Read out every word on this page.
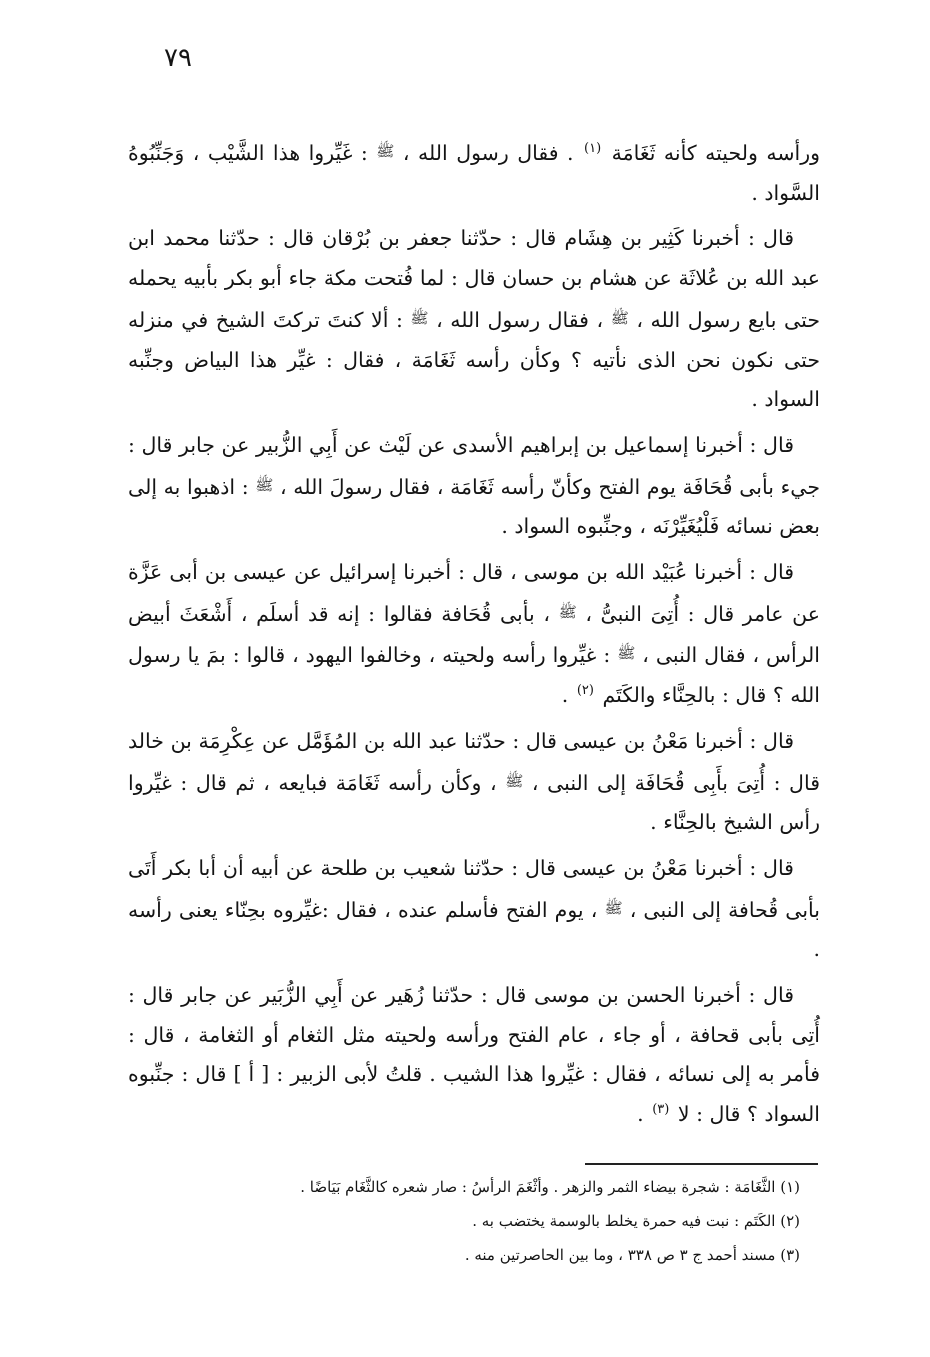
٧٩

ورأسه ولحيته كأنه ثَغَامَة $^{(١)}$ . فقال رسول الله ، ﷺ : غَيِّروا هذا الشَّيْب ، وَجَنِّبُوهُ السَّواد .

قال : أخبرنا كَثِير بن هِشَام قال : حدّثنا جعفر بن بُرْقان قال : حدّثنا محمد ابن عبد الله بن عُلاثَة عن هشام بن حسان قال : لما فُتحت مكة جاء أبو بكر بأبيه يحمله حتى بايع رسول الله ، ﷺ ، فقال رسول الله ، ﷺ : ألا كنتَ تركتَ الشيخ في منزله حتى نكون نحن الذى نأتيه ؟ وكأن رأسه ثَغَامَة ، فقال : غيِّر هذا البياض وجنِّبه السواد .

قال : أخبرنا إسماعيل بن إبراهيم الأسدى عن لَيْث عن أَبِي الزُّبير عن جابر قال : جيء بأبى قُحَافَة يوم الفتح وكأنّ رأسه ثَغَامَة ، فقال رسولَ الله ، ﷺ : اذهبوا به إلى بعض نسائه فَلْيُغَيِّرْنَه ، وجنِّبوه السواد .

قال : أخبرنا عُبَيْد الله بن موسى ، قال : أخبرنا إسرائيل عن عيسى بن أبى عَزَّة عن عامر قال : أُتِىَ النبىُّ ، ﷺ ، بأبى قُحَافة فقالوا : إنه قد أسلَم ، أَشْعَثَ أبيض الرأس ، فقال النبى ، ﷺ : غيِّروا رأسه ولحيته ، وخالفوا اليهود ، قالوا : بمَ يا رسول الله ؟ قال : بالحِنَّاء والكَتَم $^{(٢)}$ .

قال : أخبرنا مَعْنُ بن عيسى قال : حدّثنا عبد الله بن المُؤَمَّل عن عِكْرِمَة بن خالد قال : أُتِىَ بأَبِى قُحَافَة إلى النبى ، ﷺ ، وكأن رأسه ثَغَامَة فبايعه ، ثم قال : غيِّروا رأس الشيخ بالحِنَّاء .

قال : أخبرنا مَعْنُ بن عيسى قال : حدّثنا شعيب بن طلحة عن أبيه أن أبا بكر أَتَى بأبى قُحافة إلى النبى ، ﷺ ، يوم الفتح فأسلم عنده ، فقال :غيِّروه بحِنّاء يعنى رأسه .

قال : أخبرنا الحسن بن موسى قال : حدّثنا زُهَير عن أَبِي الزُّبَير عن جابر قال : أُتِى بأبى قحافة ، أو جاء ، عام الفتح ورأسه ولحيته مثل الثغام أو الثغامة ، قال : فأمر به إلى نسائه ، فقال : غيِّروا هذا الشيب . قلتُ لأبى الزبير : [ أ ] قال : جنِّبوه السواد ؟ قال : لا $^{(٣)}$ .

(١) الثَّغَامَة : شجرة بيضاء الثمر والزهر . وأثْغَمَ الرأسُ : صار شعره كالثَّغَام بَيَاضًا .

(٢) الكَتَم : نبت فيه حمرة يخلط بالوسمة يختضب به .

(٣) مسند أحمد ج ٣ ص ٣٣٨ ، وما بين الحاصرتين منه .
